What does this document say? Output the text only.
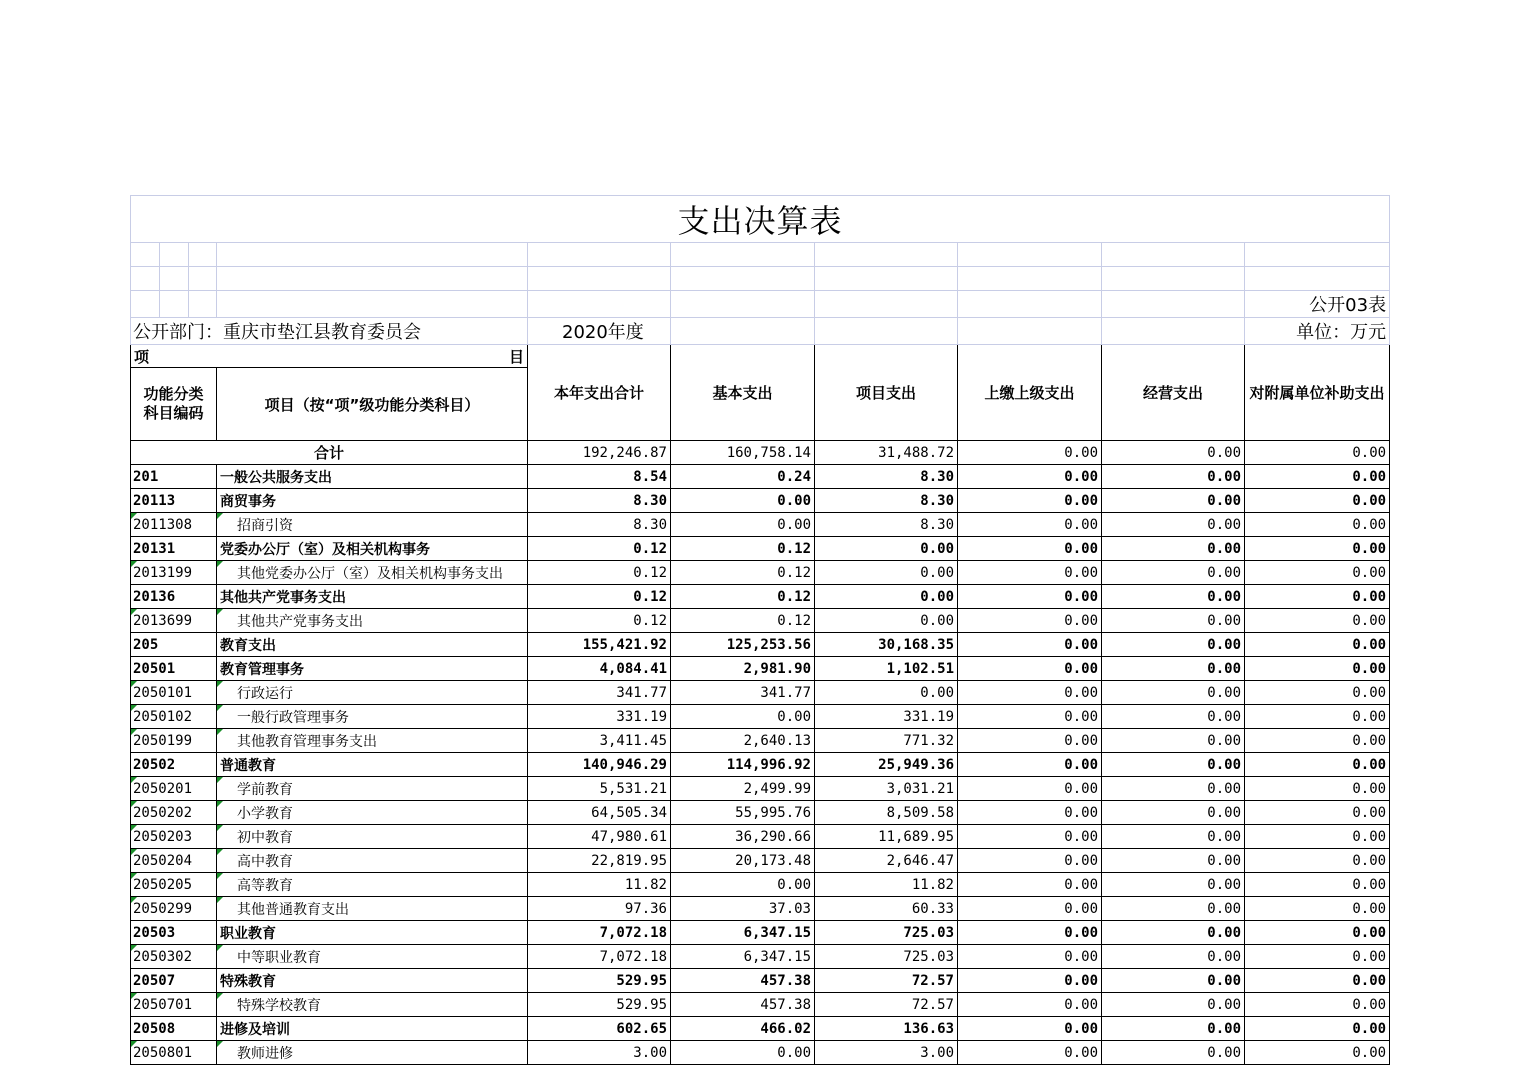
支出决算表									

									公开03表
公开部门：重庆市垫江县教育委员会				2020年度					单位：万元

项 目				本年支出合计	基本支出	项目支出	上缴上级支出	经营支出	对附属单位补助支出
功能分类科目编码			项目（按“项”级功能分类科目）						
合计				192,246.87	160,758.14	31,488.72	0.00	0.00	0.00
201			一般公共服务支出	8.54	0.24	8.30	0.00	0.00	0.00
20113			商贸事务	8.30	0.00	8.30	0.00	0.00	0.00
2011308			招商引资	8.30	0.00	8.30	0.00	0.00	0.00
20131			党委办公厅（室）及相关机构事务	0.12	0.12	0.00	0.00	0.00	0.00
2013199			其他党委办公厅（室）及相关机构事务支出	0.12	0.12	0.00	0.00	0.00	0.00
20136			其他共产党事务支出	0.12	0.12	0.00	0.00	0.00	0.00
2013699			其他共产党事务支出	0.12	0.12	0.00	0.00	0.00	0.00
205			教育支出	155,421.92	125,253.56	30,168.35	0.00	0.00	0.00
20501			教育管理事务	4,084.41	2,981.90	1,102.51	0.00	0.00	0.00
2050101			行政运行	341.77	341.77	0.00	0.00	0.00	0.00
2050102			一般行政管理事务	331.19	0.00	331.19	0.00	0.00	0.00
2050199			其他教育管理事务支出	3,411.45	2,640.13	771.32	0.00	0.00	0.00
20502			普通教育	140,946.29	114,996.92	25,949.36	0.00	0.00	0.00
2050201			学前教育	5,531.21	2,499.99	3,031.21	0.00	0.00	0.00
2050202			小学教育	64,505.34	55,995.76	8,509.58	0.00	0.00	0.00
2050203			初中教育	47,980.61	36,290.66	11,689.95	0.00	0.00	0.00
2050204			高中教育	22,819.95	20,173.48	2,646.47	0.00	0.00	0.00
2050205			高等教育	11.82	0.00	11.82	0.00	0.00	0.00
2050299			其他普通教育支出	97.36	37.03	60.33	0.00	0.00	0.00
20503			职业教育	7,072.18	6,347.15	725.03	0.00	0.00	0.00
2050302			中等职业教育	7,072.18	6,347.15	725.03	0.00	0.00	0.00
20507			特殊教育	529.95	457.38	72.57	0.00	0.00	0.00
2050701			特殊学校教育	529.95	457.38	72.57	0.00	0.00	0.00
20508			进修及培训	602.65	466.02	136.63	0.00	0.00	0.00
2050801			教师进修	3.00	0.00	3.00	0.00	0.00	0.00
